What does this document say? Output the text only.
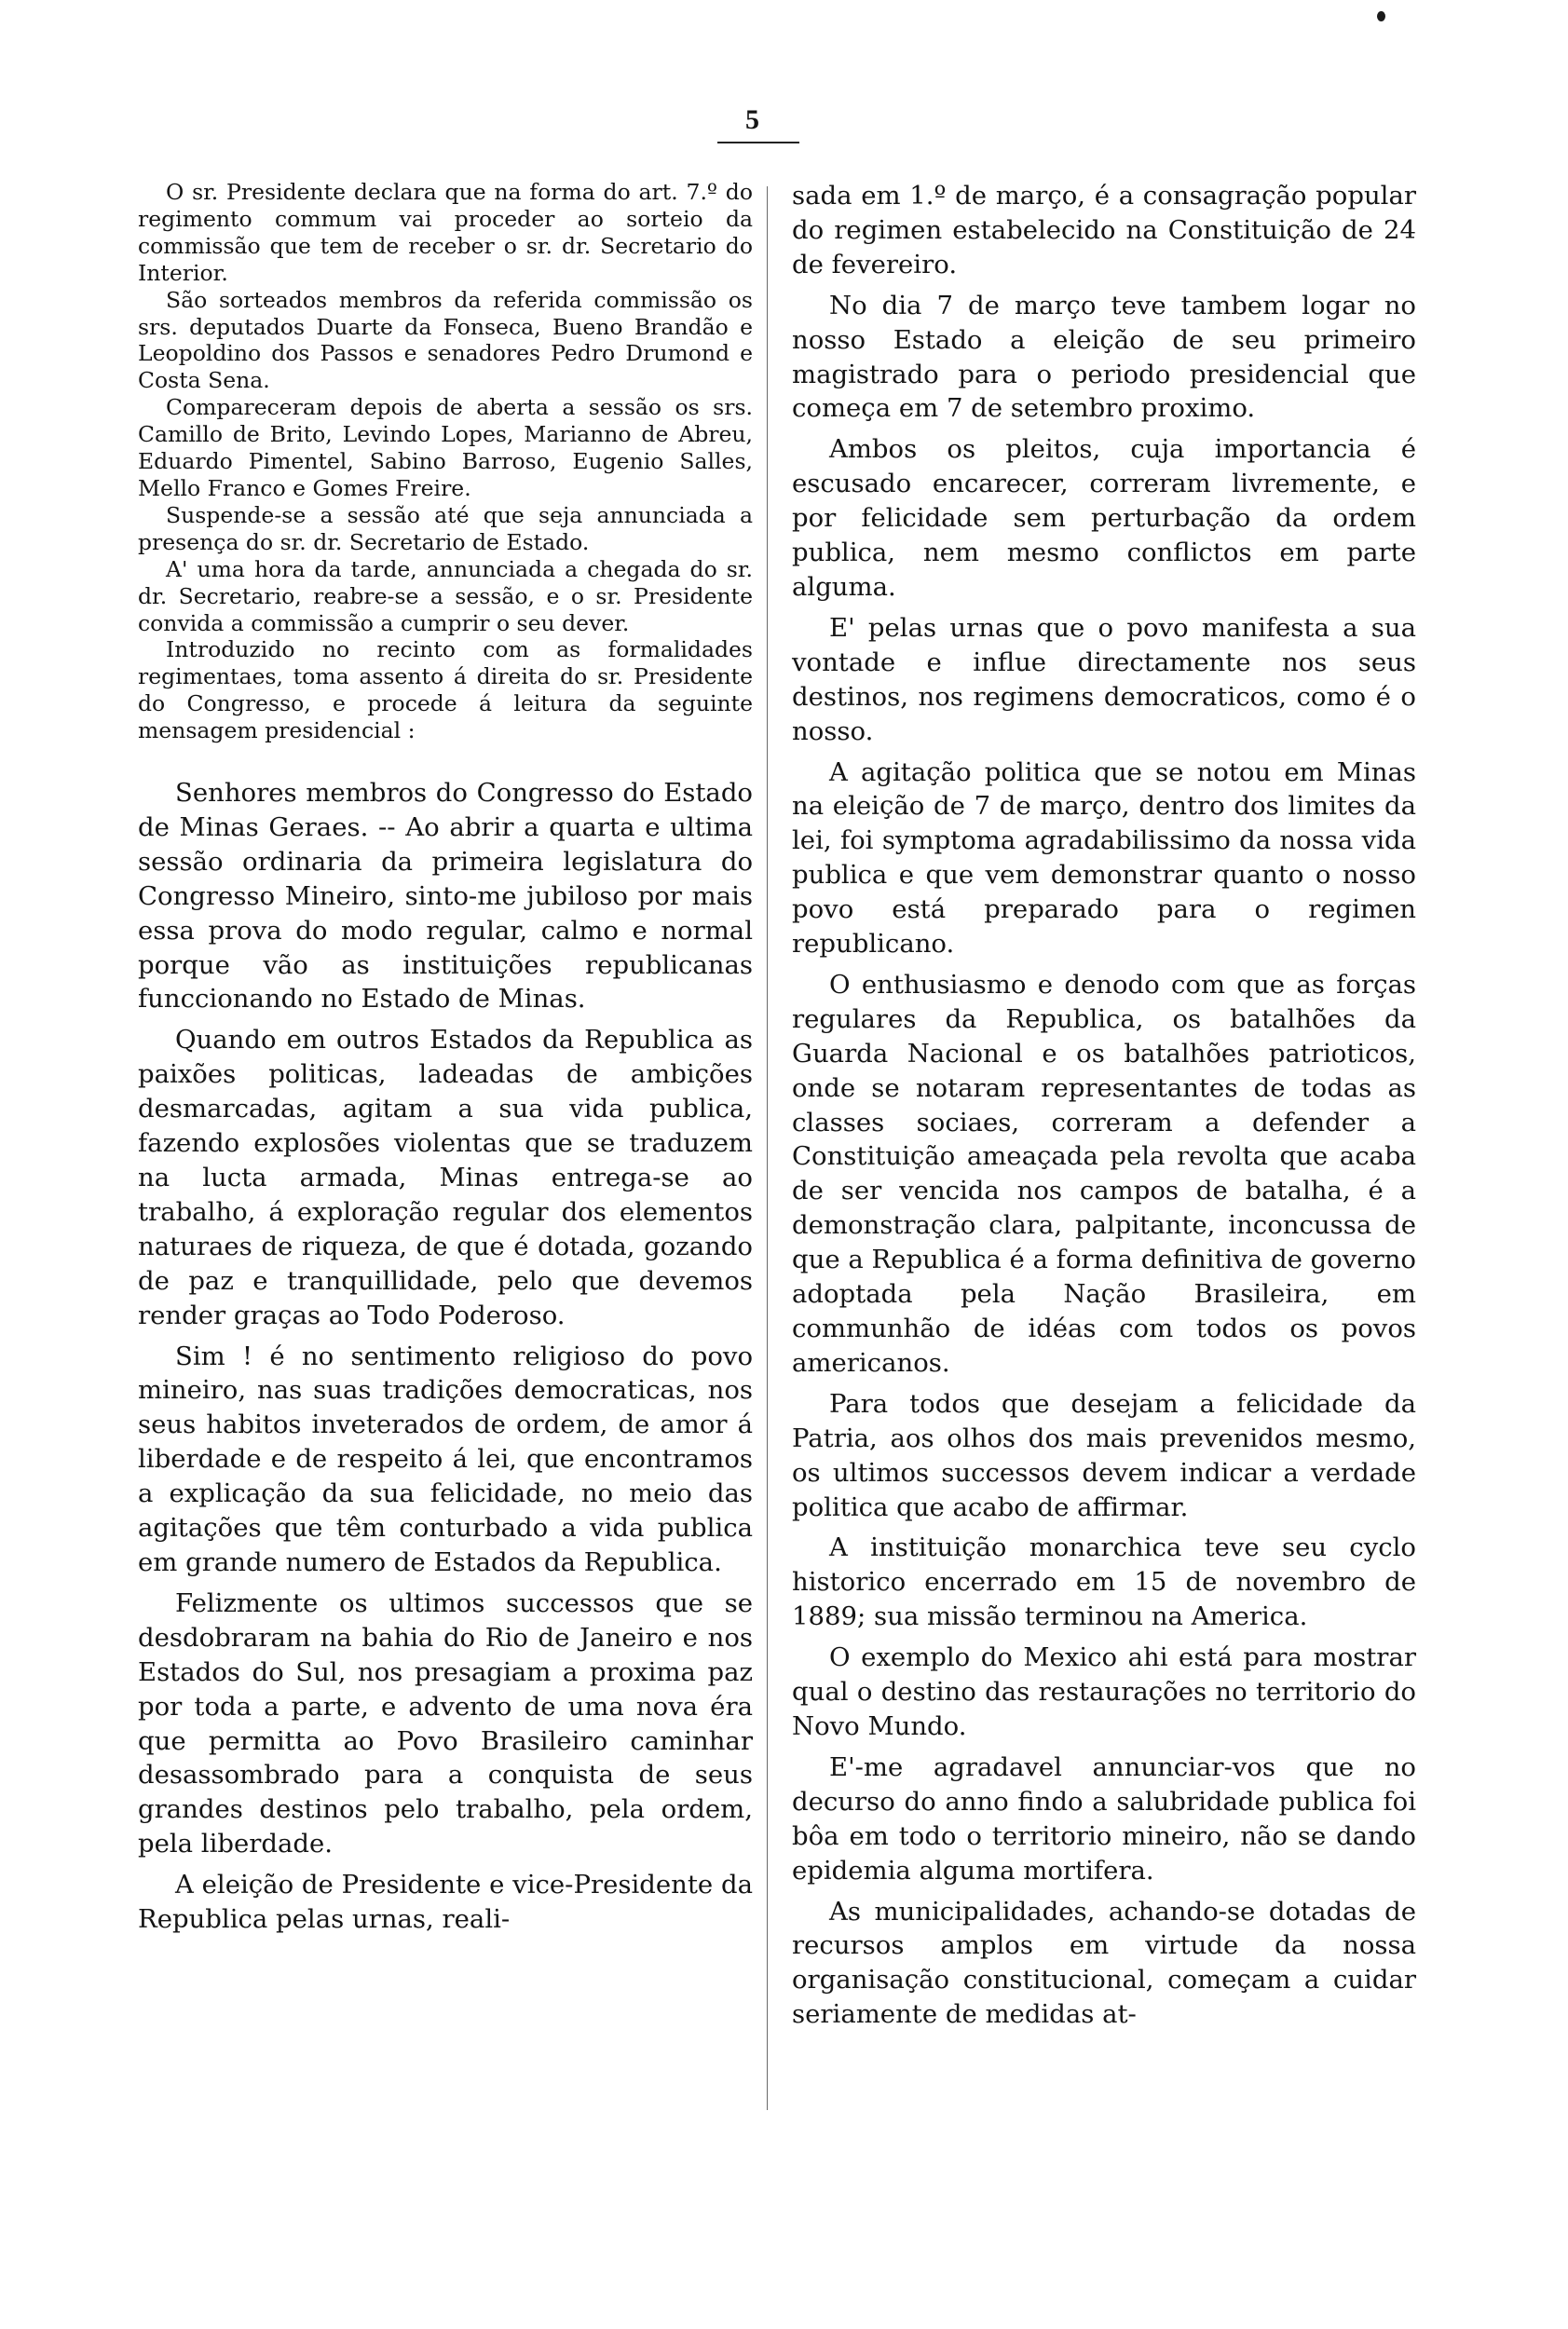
5

O sr. Presidente declara que na forma do art. 7.º do regimento commum vai proceder ao sorteio da commissão que tem de receber o sr. dr. Secretario do Interior.

São sorteados membros da referida commissão os srs. deputados Duarte da Fonseca, Bueno Brandão e Leopoldino dos Passos e senadores Pedro Drumond e Costa Sena.

Compareceram depois de aberta a sessão os srs. Camillo de Brito, Levindo Lopes, Marianno de Abreu, Eduardo Pimentel, Sabino Barroso, Eugenio Salles, Mello Franco e Gomes Freire.

Suspende-se a sessão até que seja annunciada a presença do sr. dr. Secretario de Estado.

A' uma hora da tarde, annunciada a chegada do sr. dr. Secretario, reabre-se a sessão, e o sr. Presidente convida a commissão a cumprir o seu dever.

Introduzido no recinto com as formalidades regimentaes, toma assento á direita do sr. Presidente do Congresso, e procede á leitura da seguinte mensagem presidencial :

Senhores membros do Congresso do Estado de Minas Geraes. -- Ao abrir a quarta e ultima sessão ordinaria da primeira legislatura do Congresso Mineiro, sinto-me jubiloso por mais essa prova do modo regular, calmo e normal porque vão as instituições republicanas funccionando no Estado de Minas.

Quando em outros Estados da Republica as paixões politicas, ladeadas de ambições desmarcadas, agitam a sua vida publica, fazendo explosões violentas que se traduzem na lucta armada, Minas entrega-se ao trabalho, á exploração regular dos elementos naturaes de riqueza, de que é dotada, gozando de paz e tranquillidade, pelo que devemos render graças ao Todo Poderoso.

Sim ! é no sentimento religioso do povo mineiro, nas suas tradições democraticas, nos seus habitos inveterados de ordem, de amor á liberdade e de respeito á lei, que encontramos a explicação da sua felicidade, no meio das agitações que têm conturbado a vida publica em grande numero de Estados da Republica.

Felizmente os ultimos successos que se desdobraram na bahia do Rio de Janeiro e nos Estados do Sul, nos presagiam a proxima paz por toda a parte, e advento de uma nova éra que permitta ao Povo Brasileiro caminhar desassombrado para a conquista de seus grandes destinos pelo trabalho, pela ordem, pela liberdade.

A eleição de Presidente e vice-Presidente da Republica pelas urnas, reali-

sada em 1.º de março, é a consagração popular do regimen estabelecido na Constituição de 24 de fevereiro.

No dia 7 de março teve tambem logar no nosso Estado a eleição de seu primeiro magistrado para o periodo presidencial que começa em 7 de setembro proximo.

Ambos os pleitos, cuja importancia é escusado encarecer, correram livremente, e por felicidade sem perturbação da ordem publica, nem mesmo conflictos em parte alguma.

E' pelas urnas que o povo manifesta a sua vontade e influe directamente nos seus destinos, nos regimens democraticos, como é o nosso.

A agitação politica que se notou em Minas na eleição de 7 de março, dentro dos limites da lei, foi symptoma agradabilissimo da nossa vida publica e que vem demonstrar quanto o nosso povo está preparado para o regimen republicano.

O enthusiasmo e denodo com que as forças regulares da Republica, os batalhões da Guarda Nacional e os batalhões patrioticos, onde se notaram representantes de todas as classes sociaes, correram a defender a Constituição ameaçada pela revolta que acaba de ser vencida nos campos de batalha, é a demonstração clara, palpitante, inconcussa de que a Republica é a forma definitiva de governo adoptada pela Nação Brasileira, em communhão de idéas com todos os povos americanos.

Para todos que desejam a felicidade da Patria, aos olhos dos mais prevenidos mesmo, os ultimos successos devem indicar a verdade politica que acabo de affirmar.

A instituição monarchica teve seu cyclo historico encerrado em 15 de novembro de 1889; sua missão terminou na America.

O exemplo do Mexico ahi está para mostrar qual o destino das restaurações no territorio do Novo Mundo.

E'-me agradavel annunciar-vos que no decurso do anno findo a salubridade publica foi bôa em todo o territorio mineiro, não se dando epidemia alguma mortifera.

As municipalidades, achando-se dotadas de recursos amplos em virtude da nossa organisação constitucional, começam a cuidar seriamente de medidas at-
